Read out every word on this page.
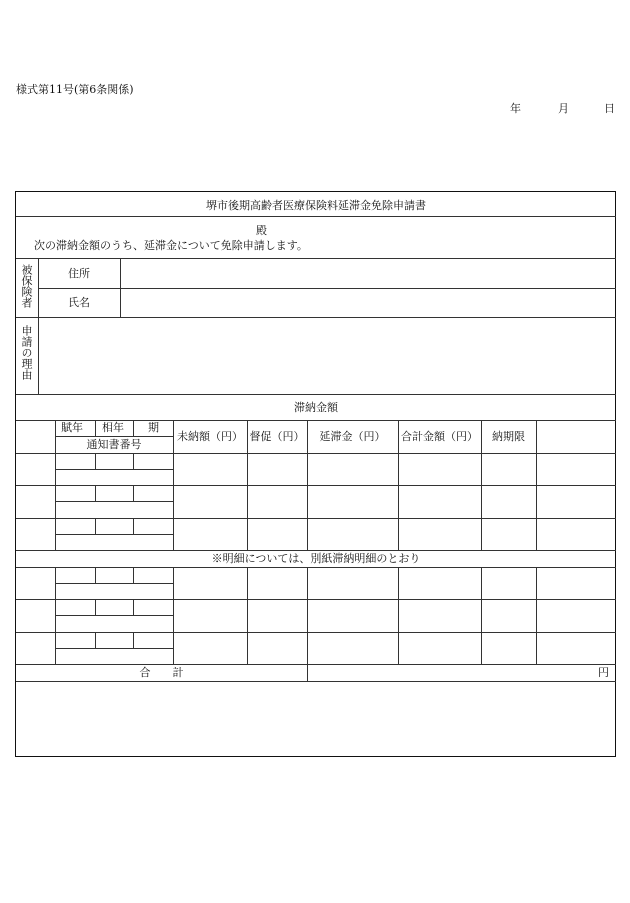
様式第11号(第6条関係)
年	月	日
堺市後期高齢者医療保険料延滞金免除申請書
殿
次の滞納金額のうち、延滞金について免除申請します。
被保険者	住所
氏名
申請の理由
滞納金額
賦年 相年 期
通知書番号
未納額（円） 督促（円）	延滞金（円）	合計金額（円）	納期限
※明細については、別紙滞納明細のとおり
合　　計	円
